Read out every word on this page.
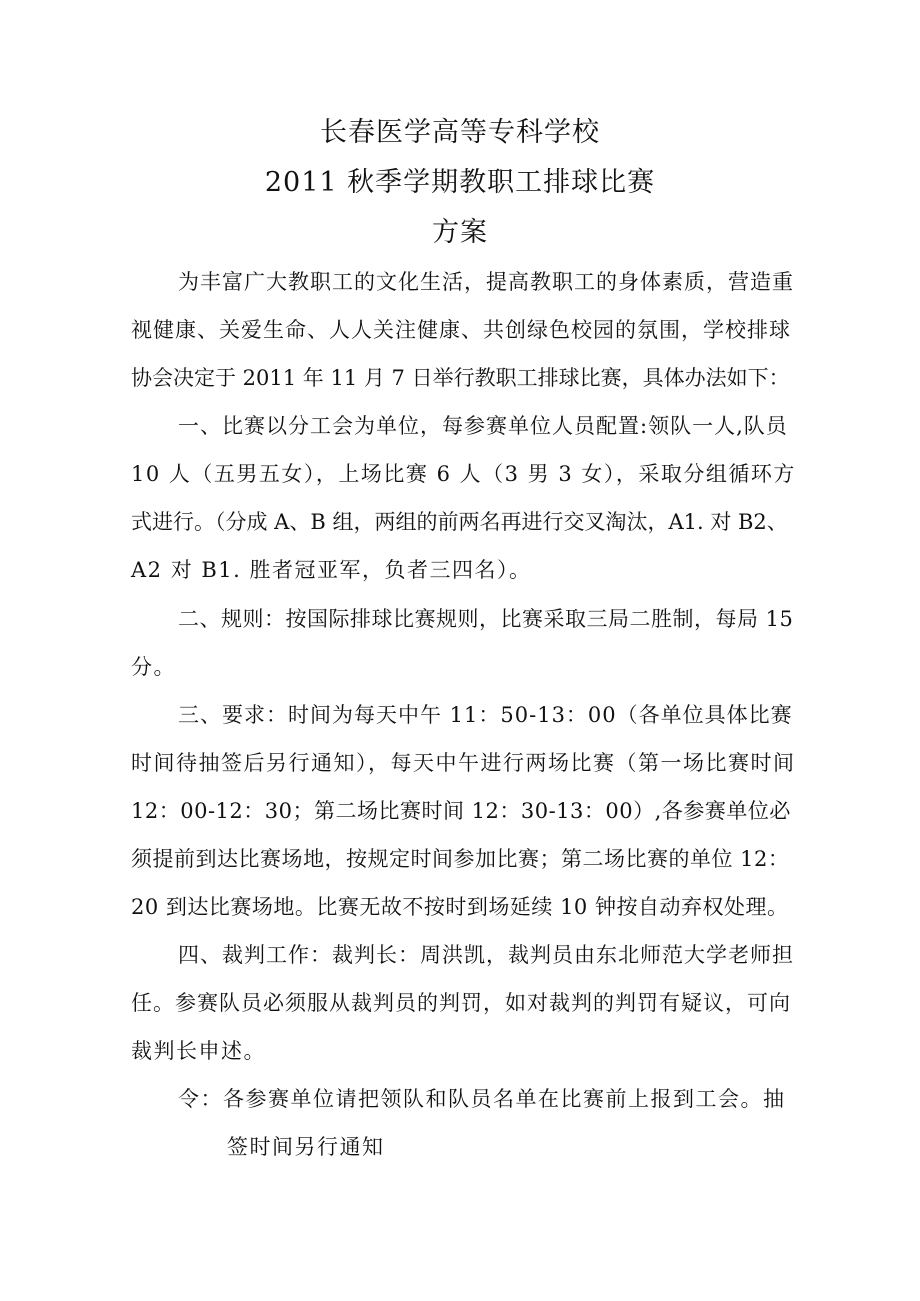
长春医学高等专科学校
2011 秋季学期教职工排球比赛
方案
为丰富广大教职工的文化生活，提高教职工的身体素质，营造重
视健康、关爱生命、人人关注健康、共创绿色校园的氛围，学校排球
协会决定于 2011 年 11 月 7 日举行教职工排球比赛，具体办法如下：
一、比赛以分工会为单位，每参赛单位人员配置:领队一人,队员
10 人（五男五女），上场比赛 6 人（3 男 3 女），采取分组循环方
式进行。（分成 A、B 组，两组的前两名再进行交叉淘汰，A1. 对 B2、
A2 对 B1. 胜者冠亚军，负者三四名）。
二、规则：按国际排球比赛规则，比赛采取三局二胜制，每局 15
分。
三、要求：时间为每天中午 11：50-13：00（各单位具体比赛
时间待抽签后另行通知），每天中午进行两场比赛（第一场比赛时间
12：00-12：30；第二场比赛时间 12：30-13：00）,各参赛单位必
须提前到达比赛场地，按规定时间参加比赛；第二场比赛的单位 12：
20 到达比赛场地。比赛无故不按时到场延续 10 钟按自动弃权处理。
四、裁判工作：裁判长：周洪凯，裁判员由东北师范大学老师担
任。参赛队员必须服从裁判员的判罚，如对裁判的判罚有疑议，可向
裁判长申述。
令：各参赛单位请把领队和队员名单在比赛前上报到工会。抽
签时间另行通知
